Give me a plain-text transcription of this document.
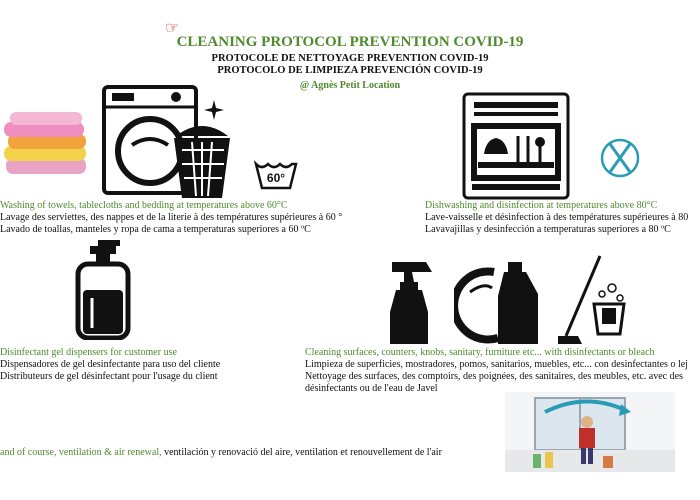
☞
CLEANING PROTOCOL PREVENTION COVID-19
PROTOCOLE DE NETTOYAGE PREVENTION COVID-19
PROTOCOLO DE LIMPIEZA PREVENCIÓN COVID-19
@ Agnès Petit Location
60°
Washing of towels, tablecloths and bedding at temperatures above 60°C
Lavage des serviettes, des nappes et de la literie à des températures supérieures à 60 °
Lavado de toallas, manteles y ropa de cama a temperaturas superiores a 60 ºC
Dishwashing and disinfection at temperatures above 80°C
Lave-vaisselle et désinfection à des températures supérieures à 80
Lavavajillas y desinfección a temperaturas superiores a 80 ºC
Disinfectant gel dispensers for customer use
Dispensadores de gel desinfectante para uso del cliente
Distributeurs de gel désinfectant pour l'usage du client
Cleaning surfaces, counters, knobs, sanitary, furniture etc... with disinfectants or bleach
Limpieza de superficies, mostradores, pomos, sanitarios, muebles, etc... con desinfectantes o lej
Nettoyage des surfaces, des comptoirs, des poignées, des sanitaires, des meubles, etc. avec des
désinfectants ou de l'eau de Javel
and of course, ventilation & air renewal, ventilación y renovació del aire, ventilation et renouvellement de l'air
